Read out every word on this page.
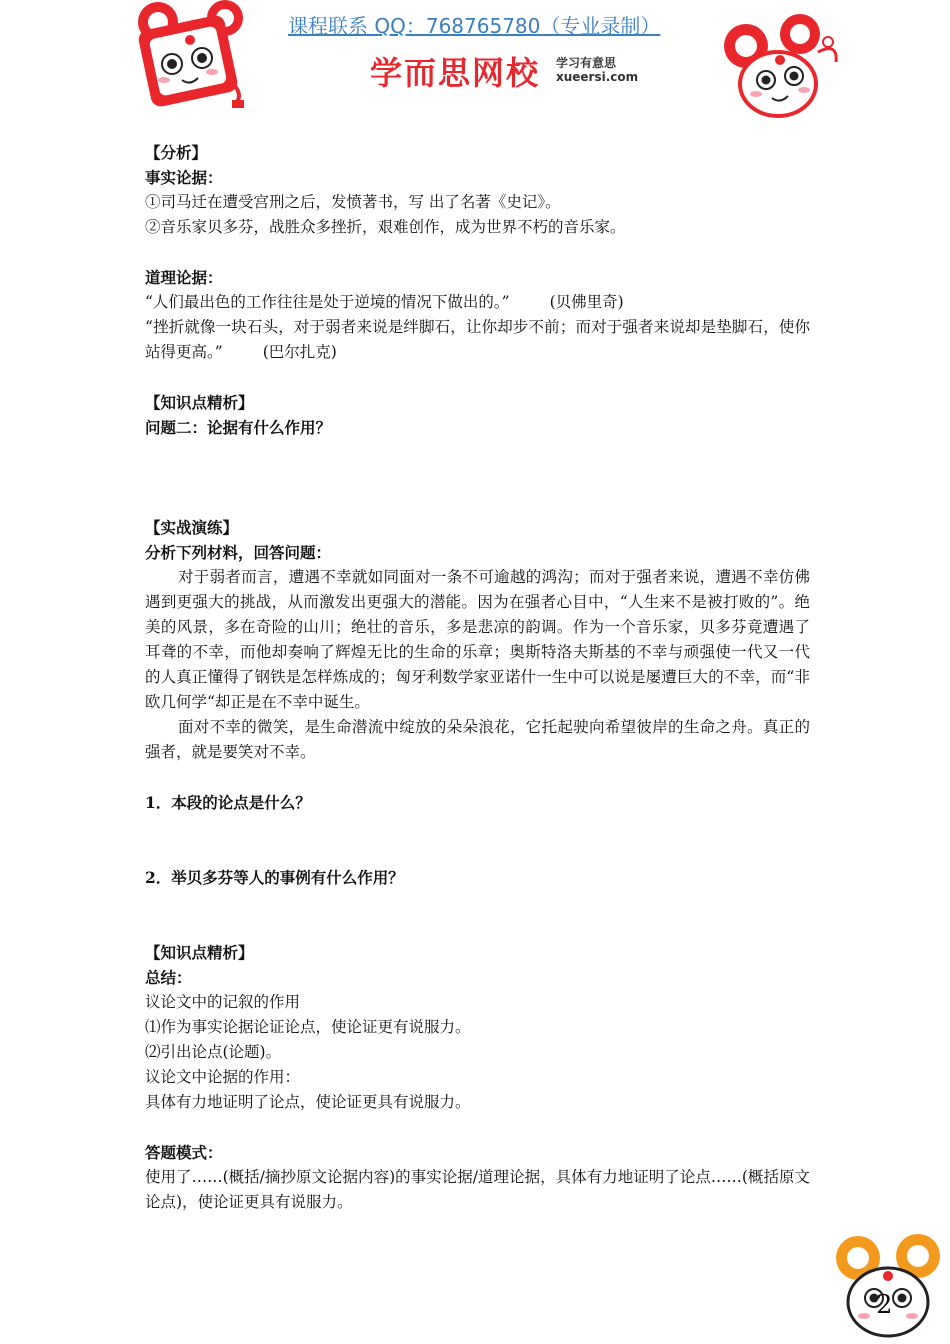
课程联系 QQ：768765780（专业录制）
学而思网校 学习有意思
xueersi.com
【分析】
事实论据：
①司马迁在遭受宫刑之后，发愤著书，写 出了名著《史记》。
②音乐家贝多芬，战胜众多挫折，艰难创作，成为世界不朽的音乐家。
道理论据：
“人们最出色的工作往往是处于逆境的情况下做出的。”	(贝佛里奇)
“挫折就像一块石头，对于弱者来说是绊脚石，让你却步不前；而对于强者来说却是垫脚石，使你站得更高。”	(巴尔扎克)
【知识点精析】
问题二：论据有什么作用？
【实战演练】
分析下列材料，回答问题：
对于弱者而言，遭遇不幸就如同面对一条不可逾越的鸿沟；而对于强者来说，遭遇不幸仿佛遇到更强大的挑战，从而激发出更强大的潜能。因为在强者心目中，“人生来不是被打败的”。绝美的风景，多在奇险的山川；绝壮的音乐，多是悲凉的韵调。作为一个音乐家，贝多芬竟遭遇了耳聋的不幸，而他却奏响了辉煌无比的生命的乐章；奥斯特洛夫斯基的不幸与顽强使一代又一代的人真正懂得了钢铁是怎样炼成的；匈牙利数学家亚诺什一生中可以说是屡遭巨大的不幸，而“非欧几何学“却正是在不幸中诞生。
面对不幸的微笑，是生命潜流中绽放的朵朵浪花，它托起驶向希望彼岸的生命之舟。真正的强者，就是要笑对不幸。
1．本段的论点是什么？
2．举贝多芬等人的事例有什么作用？
【知识点精析】
总结：
议论文中的记叙的作用
⑴作为事实论据论证论点，使论证更有说服力。
⑵引出论点(论题)。
议论文中论据的作用：
具体有力地证明了论点，使论证更具有说服力。
答题模式：
使用了……(概括/摘抄原文论据内容)的事实论据/道理论据，具体有力地证明了论点……(概括原文论点)，使论证更具有说服力。
2
